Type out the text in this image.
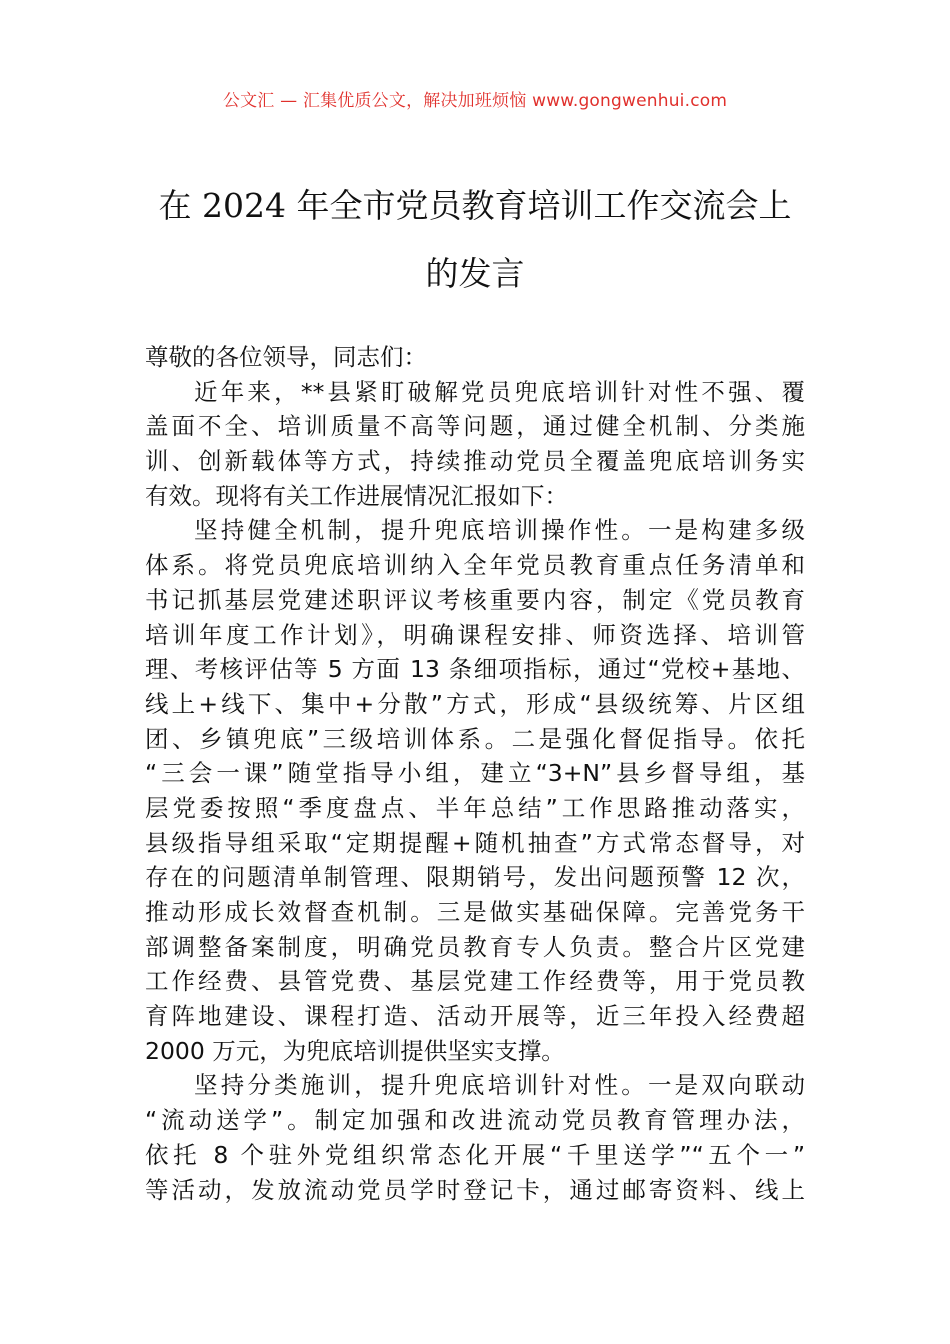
公文汇 — 汇集优质公文，解决加班烦恼 www.gongwenhui.com
在 2024 年全市党员教育培训工作交流会上
的发言
尊敬的各位领导，同志们：
近年来，**县紧盯破解党员兜底培训针对性不强、覆
盖面不全、培训质量不高等问题，通过健全机制、分类施
训、创新载体等方式，持续推动党员全覆盖兜底培训务实
有效。现将有关工作进展情况汇报如下：
坚持健全机制，提升兜底培训操作性。一是构建多级
体系。将党员兜底培训纳入全年党员教育重点任务清单和
书记抓基层党建述职评议考核重要内容，制定《党员教育
培训年度工作计划》，明确课程安排、师资选择、培训管
理、考核评估等 5 方面 13 条细项指标，通过“党校+基地、
线上+线下、集中+分散”方式，形成“县级统筹、片区组
团、乡镇兜底”三级培训体系。二是强化督促指导。依托
“三会一课”随堂指导小组，建立“3+N”县乡督导组，基
层党委按照“季度盘点、半年总结”工作思路推动落实，
县级指导组采取“定期提醒+随机抽查”方式常态督导，对
存在的问题清单制管理、限期销号，发出问题预警 12 次，
推动形成长效督查机制。三是做实基础保障。完善党务干
部调整备案制度，明确党员教育专人负责。整合片区党建
工作经费、县管党费、基层党建工作经费等，用于党员教
育阵地建设、课程打造、活动开展等，近三年投入经费超
2000 万元，为兜底培训提供坚实支撑。
坚持分类施训，提升兜底培训针对性。一是双向联动
“流动送学”。制定加强和改进流动党员教育管理办法，
依托 8 个驻外党组织常态化开展“千里送学”“五个一”
等活动，发放流动党员学时登记卡，通过邮寄资料、线上
